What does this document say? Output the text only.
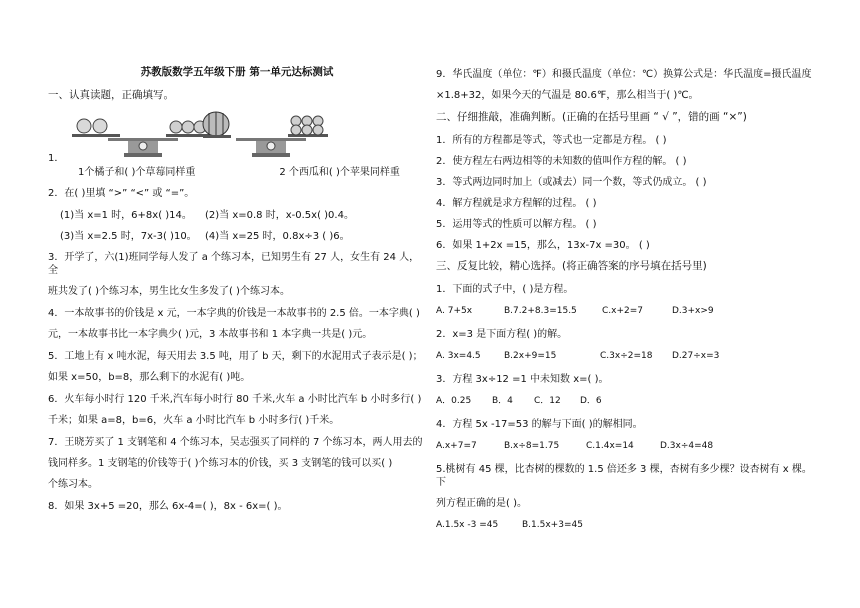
苏教版数学五年级下册 第一单元达标测试
一、认真读题，正确填写。
1．
1个橘子和( )个草莓同样重	2 个西瓜和( )个苹果同样重
2．在( )里填 “>” “<” 或 “=”。
(1)当 x=1 时，6+8x( )14。	(2)当 x=0.8 时，x-0.5x( )0.4。
(3)当 x=2.5 时，7x-3( )10。 (4)当 x=25 时，0.8x÷3 ( )6。
3．开学了，六(1)班同学每人发了 a 个练习本，已知男生有 27 人，女生有 24 人，全
班共发了( )个练习本，男生比女生多发了( )个练习本。
4．一本故事书的价钱是 x 元，一本字典的价钱是一本故事书的 2.5 倍。一本字典( )
元，一本故事书比一本字典少( )元，3 本故事书和 1 本字典一共是( )元。
5．工地上有 x 吨水泥，每天用去 3.5 吨，用了 b 天，剩下的水泥用式子表示是( )；
如果 x=50，b=8，那么剩下的水泥有( )吨。
6．火车每小时行 120 千米,汽车每小时行 80 千米,火车 a 小时比汽车 b 小时多行( )
千米；如果 a=8，b=6，火车 a 小时比汽车 b 小时多行( )千米。
7．王晓芳买了 1 支钢笔和 4 个练习本，吴志强买了同样的 7 个练习本，两人用去的
钱同样多。1 支钢笔的价钱等于( )个练习本的价钱，买 3 支钢笔的钱可以买( )
个练习本。
8．如果 3x+5 =20，那么 6x-4=( )，8x - 6x=( )。
9．华氏温度（单位：℉）和摄氏温度（单位：℃）换算公式是：华氏温度=摄氏温度
×1.8+32，如果今天的气温是 80.6℉，那么相当于( )℃。
二、仔细推敲，准确判断。(正确的在括号里画 “ √ ”，错的画 “×”)
1．所有的方程都是等式，等式也一定都是方程。 ( )
2．使方程左右两边相等的未知数的值叫作方程的解。 ( )
3．等式两边同时加上（或减去）同一个数，等式仍成立。 ( )
4．解方程就是求方程解的过程。 ( )
5．运用等式的性质可以解方程。 ( )
6．如果 1+2x =15，那么，13x-7x =30。 ( )
三、反复比较，精心选择。(将正确答案的序号填在括号里)
1．下面的式子中，( )是方程。
A. 7+5x	B.7.2+8.3=15.5	C.x+2=7	D.3+x>9
2．x=3 是下面方程( )的解。
A. 3x=4.5	B.2x+9=15	C.3x÷2=18	D.27÷x=3
3．方程 3x÷12 =1 中未知数 x=( )。
A．0.25	B．4	C．12	D．6
4．方程 5x -17=53 的解与下面( )的解相同。
A.x+7=7	B.x÷8=1.75	C.1.4x=14	D.3x÷4=48
5.桃树有 45 棵，比杏树的棵数的 1.5 倍还多 3 棵，杏树有多少棵？设杏树有 x 棵。下
列方程正确的是( )。
A.1.5x -3 =45	B.1.5x+3=45
